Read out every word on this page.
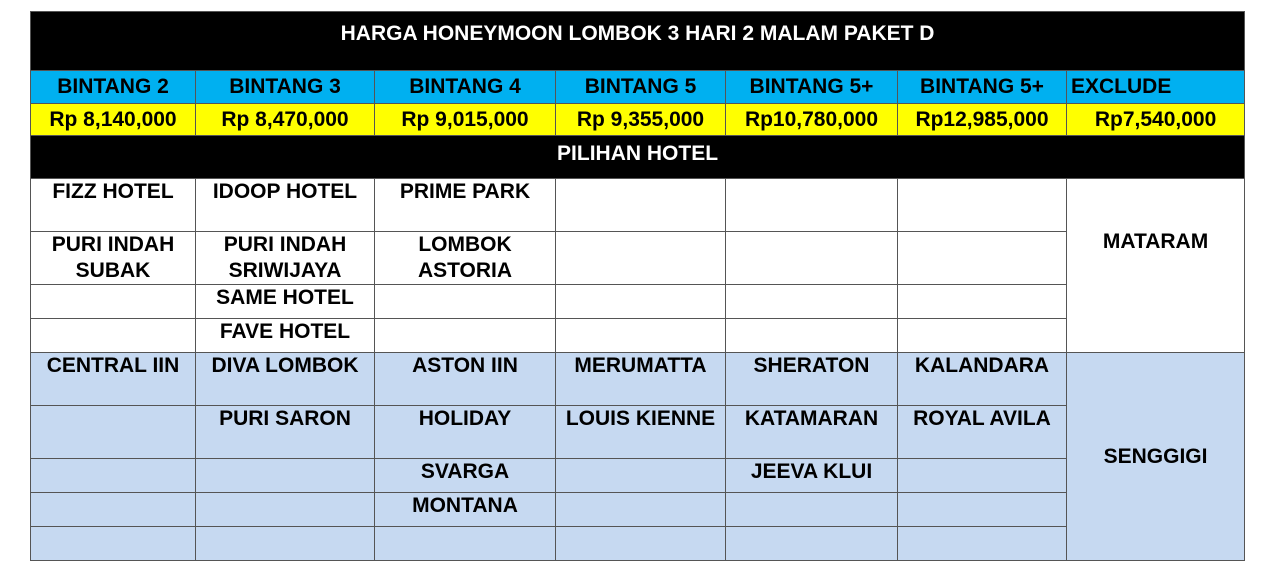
HARGA HONEYMOON LOMBOK 3 HARI 2 MALAM PAKET D						
BINTANG 2	BINTANG 3	BINTANG 4	BINTANG 5	BINTANG 5+	BINTANG 5+	EXCLUDE
Rp 8,140,000	Rp 8,470,000	Rp 9,015,000	Rp 9,355,000	Rp10,780,000	Rp12,985,000	Rp7,540,000
PILIHAN HOTEL						
FIZZ HOTEL	IDOOP HOTEL	PRIME PARK				MATARAM
PURI INDAH SUBAK	PURI INDAH SRIWIJAYA	LOMBOK ASTORIA				
	SAME HOTEL					
	FAVE HOTEL					
CENTRAL IIN	DIVA LOMBOK	ASTON IIN	MERUMATTA	SHERATON	KALANDARA	SENGGIGI
	PURI SARON	HOLIDAY	LOUIS KIENNE	KATAMARAN	ROYAL AVILA	
		SVARGA		JEEVA KLUI		
		MONTANA				
